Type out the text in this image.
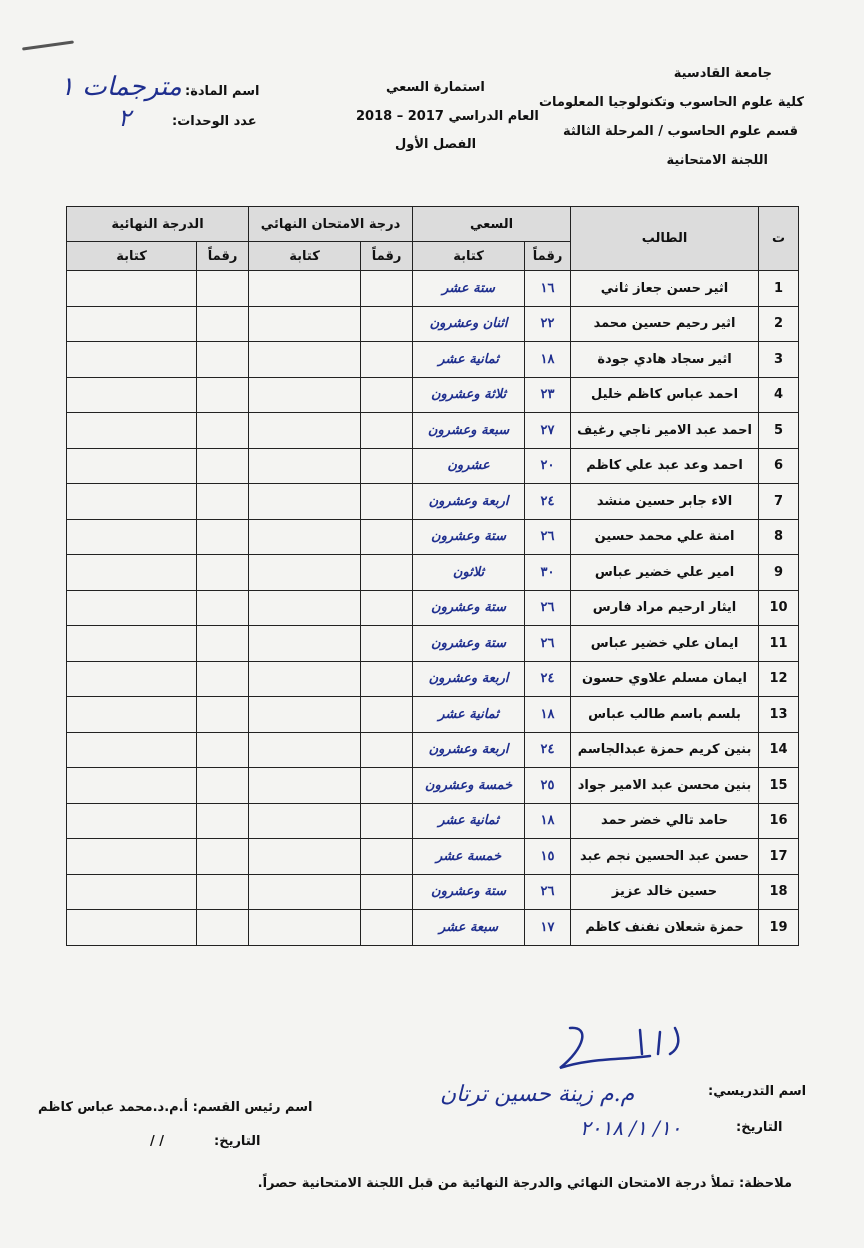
جامعة القادسية
كلية علوم الحاسوب وتكنولوجيا المعلومات
قسم علوم الحاسوب / المرحلة الثالثة
اللجنة الامتحانية
استمارة السعي
العام الدراسي 2017 – 2018
الفصل الأول
اسم المادة:
مترجمات ١
عدد الوحدات:
٢
ت	الطالب	السعي		درجة الامتحان النهائي		الدرجة النهائية	
		رقماً	كتابة	رقماً	كتابة	رقماً	كتابة
1	اثير حسن جعاز ثاني	١٦	ستة عشر				
2	اثير رحيم حسين محمد	٢٢	اثنان وعشرون				
3	اثير سجاد هادي جودة	١٨	ثمانية عشر				
4	احمد عباس كاظم خليل	٢٣	ثلاثة وعشرون				
5	احمد عبد الامير ناجي رغيف	٢٧	سبعة وعشرون				
6	احمد وعد عبد علي كاظم	٢٠	عشرون				
7	الاء جابر حسين منشد	٢٤	اربعة وعشرون				
8	امنة علي محمد حسين	٢٦	ستة وعشرون				
9	امير علي خضير عباس	٣٠	ثلاثون				
10	ايثار ارحيم مراد فارس	٢٦	ستة وعشرون				
11	ايمان علي خضير عباس	٢٦	ستة وعشرون				
12	ايمان مسلم علاوي حسون	٢٤	اربعة وعشرون				
13	بلسم باسم طالب عباس	١٨	ثمانية عشر				
14	بنين كريم حمزة عبدالجاسم	٢٤	اربعة وعشرون				
15	بنين محسن عبد الامير جواد	٢٥	خمسة وعشرون				
16	حامد تالي خضر حمد	١٨	ثمانية عشر				
17	حسن عبد الحسين نجم عبد	١٥	خمسة عشر				
18	حسين خالد عزيز	٢٦	ستة وعشرون				
19	حمزة شعلان نفنف كاظم	١٧	سبعة عشر				
اسم التدريسي:
م.م زينة حسين ترتان
التاريخ:
١٠/ ١/ ٢٠١٨
اسم رئيس القسم: أ.م.د.محمد عباس كاظم
التاريخ:
/ /
ملاحظة: تملأ درجة الامتحان النهائي والدرجة النهائية من قبل اللجنة الامتحانية حصراً.
